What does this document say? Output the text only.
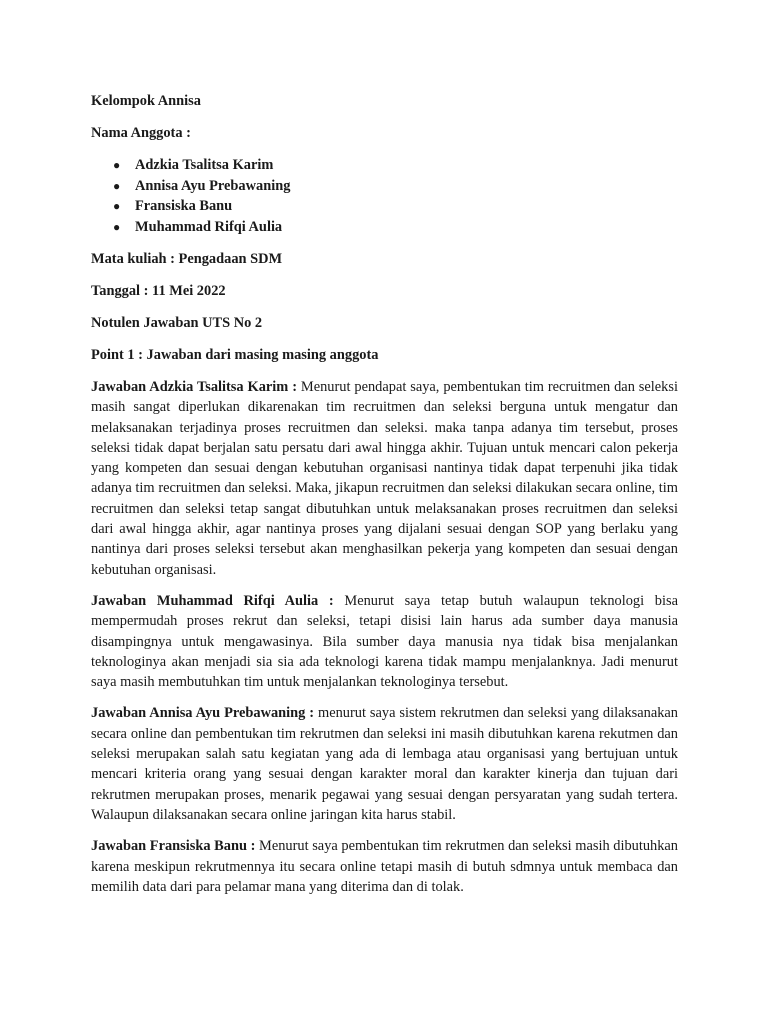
Kelompok Annisa

Nama Anggota :

● Adzkia Tsalitsa Karim
● Annisa Ayu Prebawaning
● Fransiska Banu
● Muhammad Rifqi Aulia

Mata kuliah : Pengadaan SDM

Tanggal : 11 Mei 2022

Notulen Jawaban UTS No 2

Point 1 : Jawaban dari masing masing anggota

Jawaban Adzkia Tsalitsa Karim : Menurut pendapat saya, pembentukan tim recruitmen dan seleksi masih sangat diperlukan dikarenakan tim recruitmen dan seleksi berguna untuk mengatur dan melaksanakan terjadinya proses recruitmen dan seleksi. maka tanpa adanya tim tersebut, proses seleksi tidak dapat berjalan satu persatu dari awal hingga akhir. Tujuan untuk mencari calon pekerja yang kompeten dan sesuai dengan kebutuhan organisasi nantinya tidak dapat terpenuhi jika tidak adanya tim recruitmen dan seleksi. Maka, jikapun recruitmen dan seleksi dilakukan secara online, tim recruitmen dan seleksi tetap sangat dibutuhkan untuk melaksanakan proses recruitmen dan seleksi dari awal hingga akhir, agar nantinya proses yang dijalani sesuai dengan SOP yang berlaku yang nantinya dari proses seleksi tersebut akan menghasilkan pekerja yang kompeten dan sesuai dengan kebutuhan organisasi.

Jawaban Muhammad Rifqi Aulia : Menurut saya tetap butuh walaupun teknologi bisa mempermudah proses rekrut dan seleksi, tetapi disisi lain harus ada sumber daya manusia disampingnya untuk mengawasinya. Bila sumber daya manusia nya tidak bisa menjalankan teknologinya akan menjadi sia sia ada teknologi karena tidak mampu menjalanknya. Jadi menurut saya masih membutuhkan tim untuk menjalankan teknologinya tersebut.

Jawaban Annisa Ayu Prebawaning : menurut saya sistem rekrutmen dan seleksi yang dilaksanakan secara online dan pembentukan tim rekrutmen dan seleksi ini masih dibutuhkan karena rekutmen dan seleksi merupakan salah satu kegiatan yang ada di lembaga atau organisasi yang bertujuan untuk mencari kriteria orang yang sesuai dengan karakter moral dan karakter kinerja dan tujuan dari rekrutmen merupakan proses, menarik pegawai yang sesuai dengan persyaratan yang sudah tertera. Walaupun dilaksanakan secara online jaringan kita harus stabil.

Jawaban Fransiska Banu : Menurut saya pembentukan tim rekrutmen dan seleksi masih dibutuhkan karena meskipun rekrutmennya itu secara online tetapi masih di butuh sdmnya untuk membaca dan memilih data dari para pelamar mana yang diterima dan di tolak.
